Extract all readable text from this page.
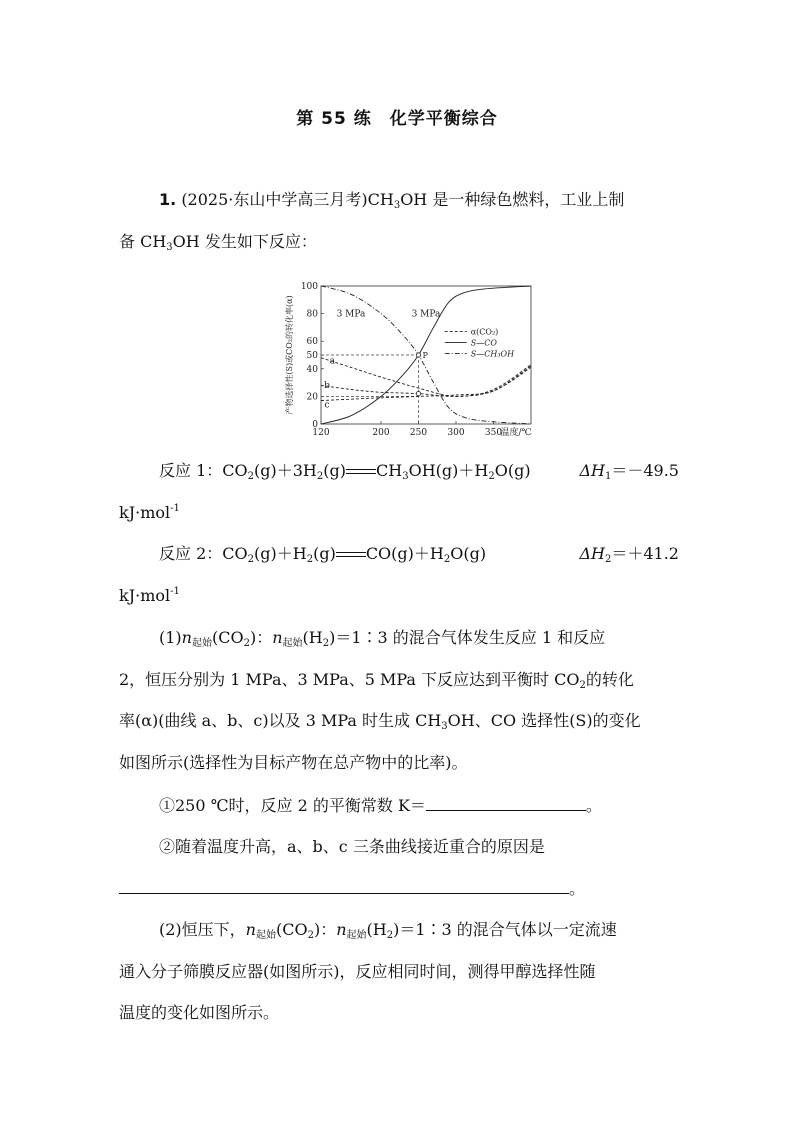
第 55 练　化学平衡综合
1. (2025·东山中学高三月考)$CH_3OH$ 是一种绿色燃料，工业上制
备 $CH_3OH$ 发生如下反应：
0
20
40
50
60
80
100
120	200 250 300 350
温度/℃
产物选择性(S)或CO₂的转化率(α)	P
3 MPa	3 MPa
a
b
c
α(CO₂)
S—CO
S—CH₃OH
反应 1：$CO_2(g)+3H_2(g)$ $CH_3OH(g)+H_2O(g)$	$\Delta H_1=-49.5$
kJ·mol$^{-1}$
反应 2：$CO_2(g)+H_2(g)$ $CO(g)+H_2O(g)$	$\Delta H_2=+41.2$
kJ·mol$^{-1}$
$(1)n_{起始}(CO_2)$：$n_{起始}(H_2)=1∶3$ 的混合气体发生反应 1 和反应
2，恒压分别为 1 MPa、3 MPa、5 MPa 下反应达到平衡时 $CO_2$的转化
率(α)(曲线 a、b、c)以及 3 MPa 时生成 $CH_3OH$、CO 选择性(S)的变化
如图所示(选择性为目标产物在总产物中的比率)。
①250 ℃时，反应 2 的平衡常数 K＝	。
②随着温度升高，a、b、c 三条曲线接近重合的原因是
。
(2)恒压下，$n_{起始}(CO_2)$：$n_{起始}(H_2)=1∶3$ 的混合气体以一定流速
通入分子筛膜反应器(如图所示)，反应相同时间，测得甲醇选择性随
温度的变化如图所示。
